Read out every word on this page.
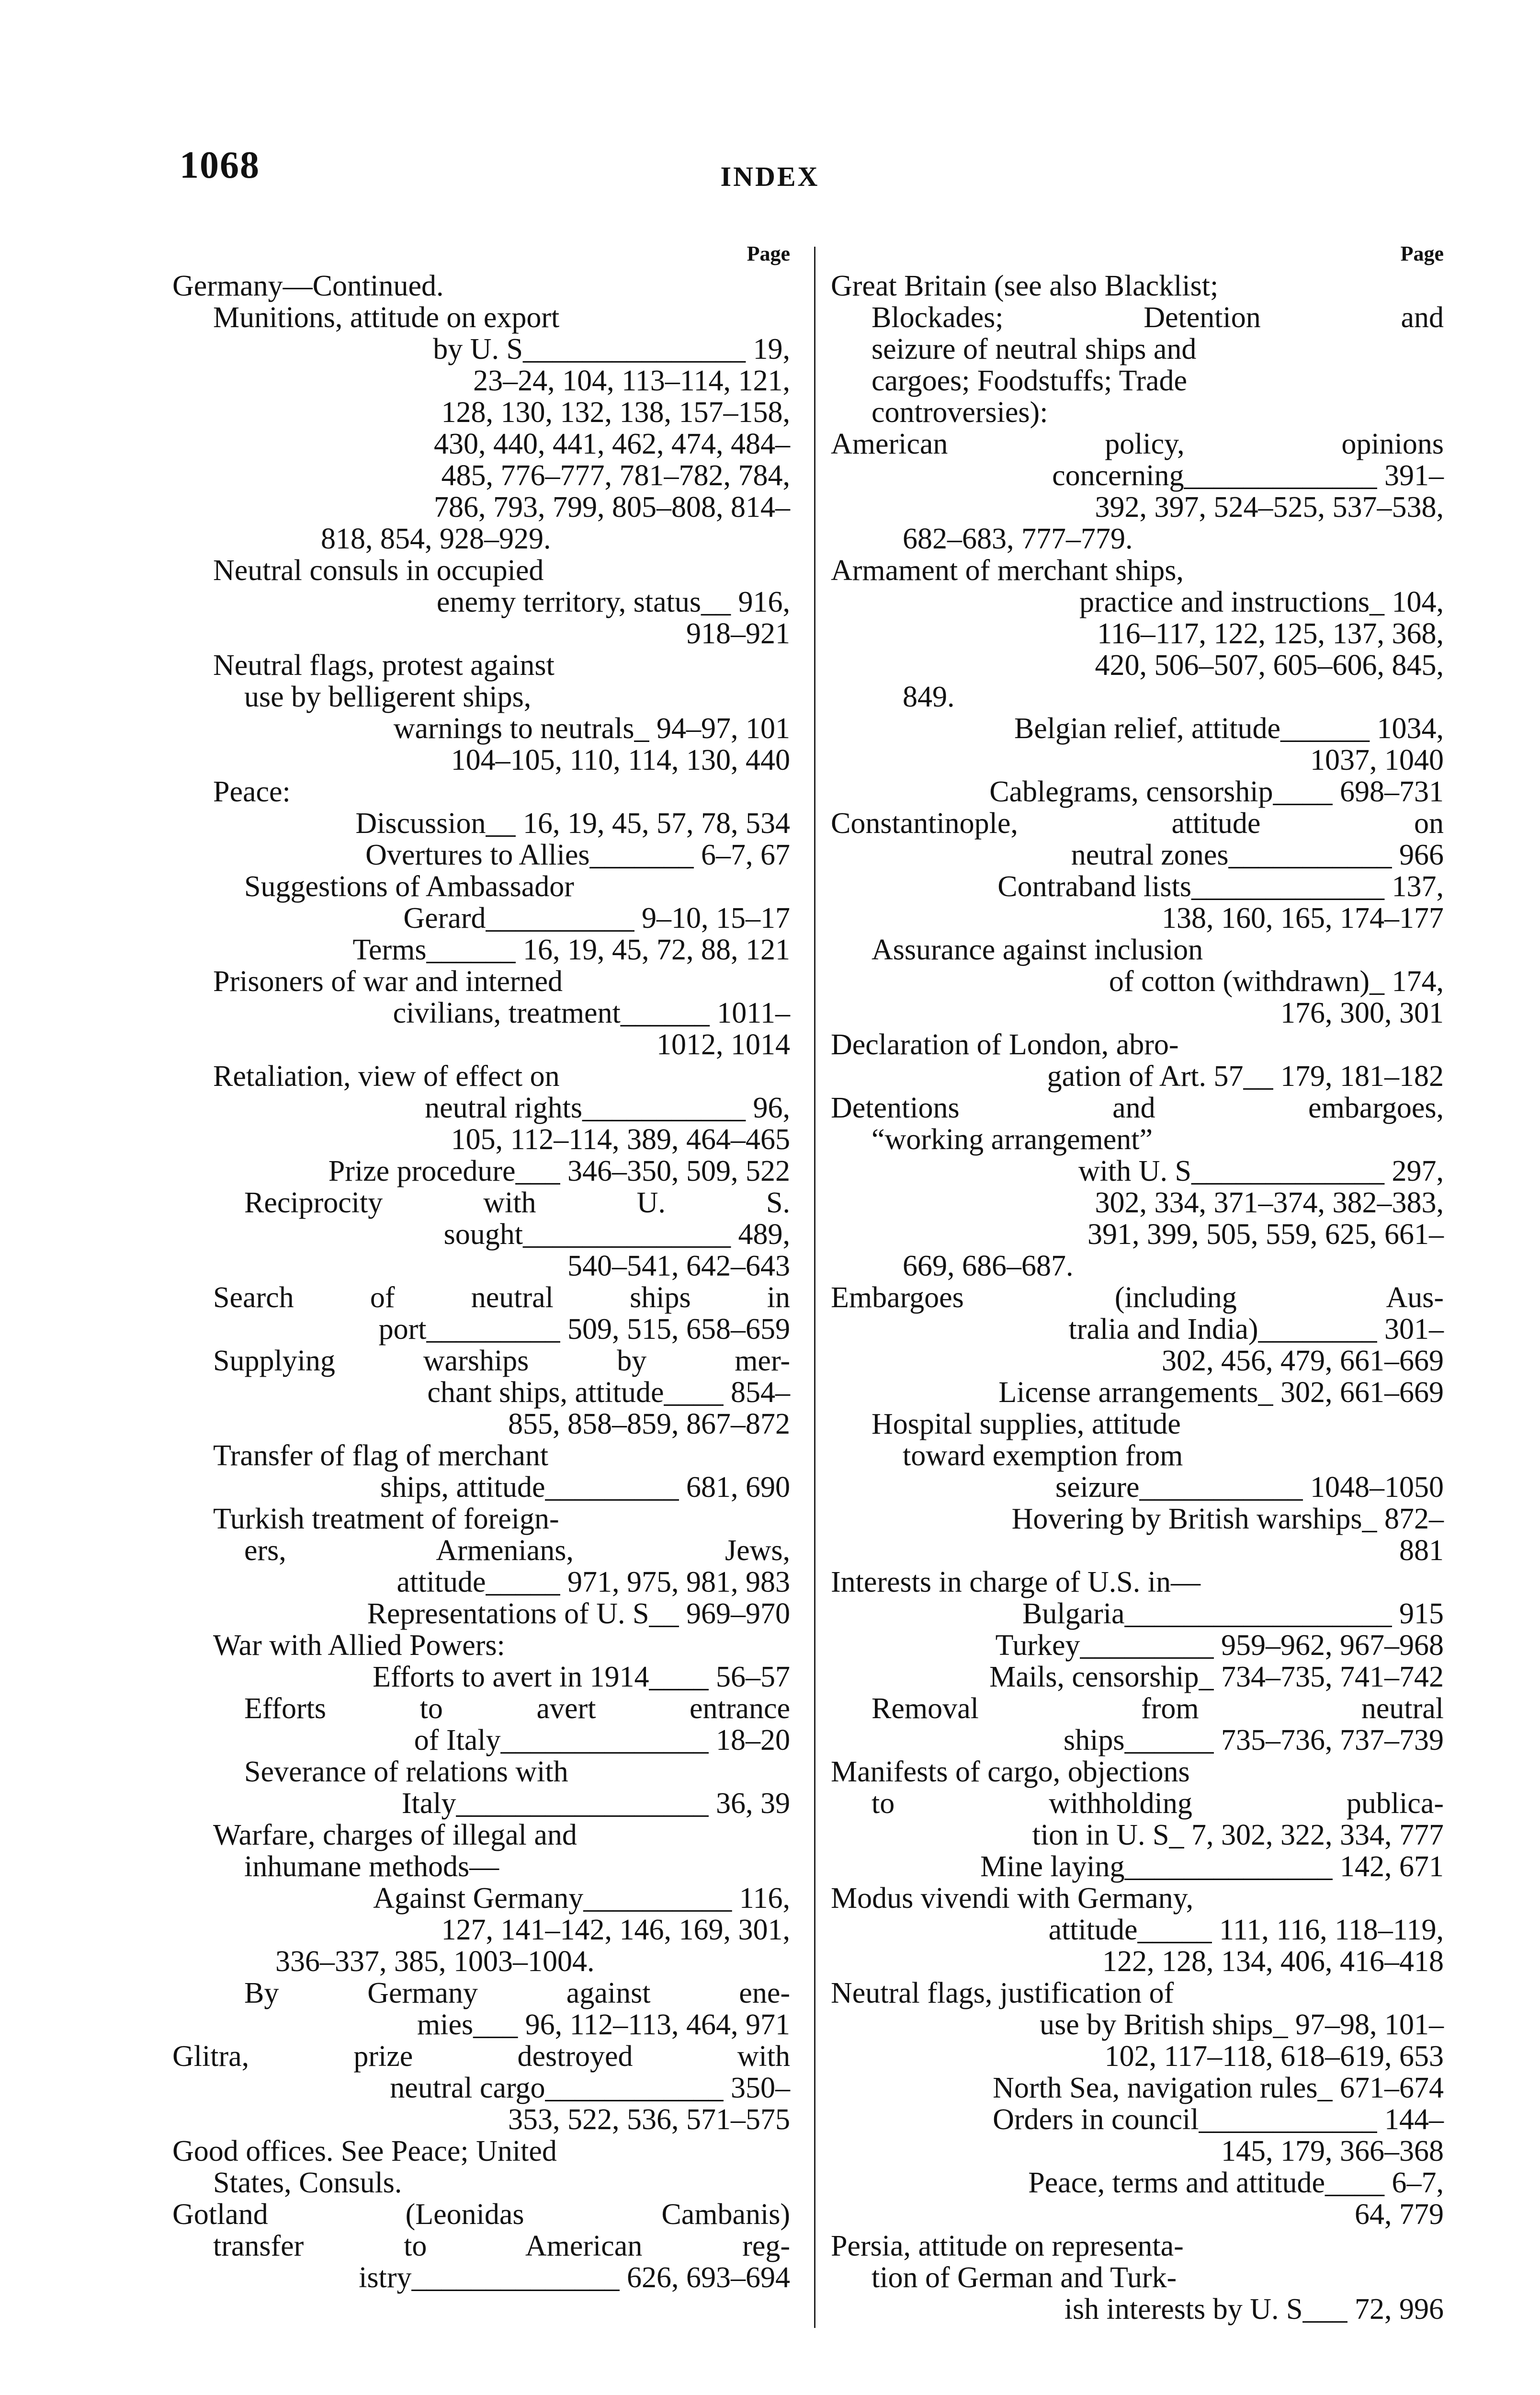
1068	INDEX
Page
Germany—Continued.
Munitions, attitude on export
by U. S_______________ 19,
23–24, 104, 113–114, 121,
128, 130, 132, 138, 157–158,
430, 440, 441, 462, 474, 484–
485, 776–777, 781–782, 784,
786, 793, 799, 805–808, 814–
818, 854, 928–929.
Neutral consuls in occupied
enemy territory, status__ 916,
918–921
Neutral flags, protest against
use by belligerent ships,
warnings to neutrals_ 94–97, 101
104–105, 110, 114, 130, 440
Peace:
Discussion__ 16, 19, 45, 57, 78, 534
Overtures to Allies_______ 6–7, 67
Suggestions of Ambassador
Gerard__________ 9–10, 15–17
Terms______ 16, 19, 45, 72, 88, 121
Prisoners of war and interned
civilians, treatment______ 1011–
1012, 1014
Retaliation, view of effect on
neutral rights___________ 96,
105, 112–114, 389, 464–465
Prize procedure___ 346–350, 509, 522
Reciprocity with U. S.
sought______________ 489,
540–541, 642–643
Search of neutral ships in
port_________ 509, 515, 658–659
Supplying warships by mer-
chant ships, attitude____ 854–
855, 858–859, 867–872
Transfer of flag of merchant
ships, attitude_________ 681, 690
Turkish treatment of foreign-
ers, Armenians, Jews,
attitude_____ 971, 975, 981, 983
Representations of U. S__ 969–970
War with Allied Powers:
Efforts to avert in 1914____ 56–57
Efforts to avert entrance
of Italy______________ 18–20
Severance of relations with
Italy_________________ 36, 39
Warfare, charges of illegal and
inhumane methods—
Against Germany__________ 116,
127, 141–142, 146, 169, 301,
336–337, 385, 1003–1004.
By Germany against ene-
mies___ 96, 112–113, 464, 971
Glitra, prize destroyed with
neutral cargo____________ 350–
353, 522, 536, 571–575
Good offices. See Peace; United
States, Consuls.
Gotland (Leonidas Cambanis)
transfer to American reg-
istry______________ 626, 693–694
Page
Great Britain (see also Blacklist;
Blockades; Detention and
seizure of neutral ships and
cargoes; Foodstuffs; Trade
controversies):
American policy, opinions
concerning_____________ 391–
392, 397, 524–525, 537–538,
682–683, 777–779.
Armament of merchant ships,
practice and instructions_ 104,
116–117, 122, 125, 137, 368,
420, 506–507, 605–606, 845,
849.
Belgian relief, attitude______ 1034,
1037, 1040
Cablegrams, censorship____ 698–731
Constantinople, attitude on
neutral zones___________ 966
Contraband lists_____________ 137,
138, 160, 165, 174–177
Assurance against inclusion
of cotton (withdrawn)_ 174,
176, 300, 301
Declaration of London, abro-
gation of Art. 57__ 179, 181–182
Detentions and embargoes,
“working arrangement”
with U. S_____________ 297,
302, 334, 371–374, 382–383,
391, 399, 505, 559, 625, 661–
669, 686–687.
Embargoes (including Aus-
tralia and India)________ 301–
302, 456, 479, 661–669
License arrangements_ 302, 661–669
Hospital supplies, attitude
toward exemption from
seizure___________ 1048–1050
Hovering by British warships_ 872–
881
Interests in charge of U.S. in—
Bulgaria__________________ 915
Turkey_________ 959–962, 967–968
Mails, censorship_ 734–735, 741–742
Removal from neutral
ships______ 735–736, 737–739
Manifests of cargo, objections
to withholding publica-
tion in U. S_ 7, 302, 322, 334, 777
Mine laying______________ 142, 671
Modus vivendi with Germany,
attitude_____ 111, 116, 118–119,
122, 128, 134, 406, 416–418
Neutral flags, justification of
use by British ships_ 97–98, 101–
102, 117–118, 618–619, 653
North Sea, navigation rules_ 671–674
Orders in council____________ 144–
145, 179, 366–368
Peace, terms and attitude____ 6–7,
64, 779
Persia, attitude on representa-
tion of German and Turk-
ish interests by U. S___ 72, 996
